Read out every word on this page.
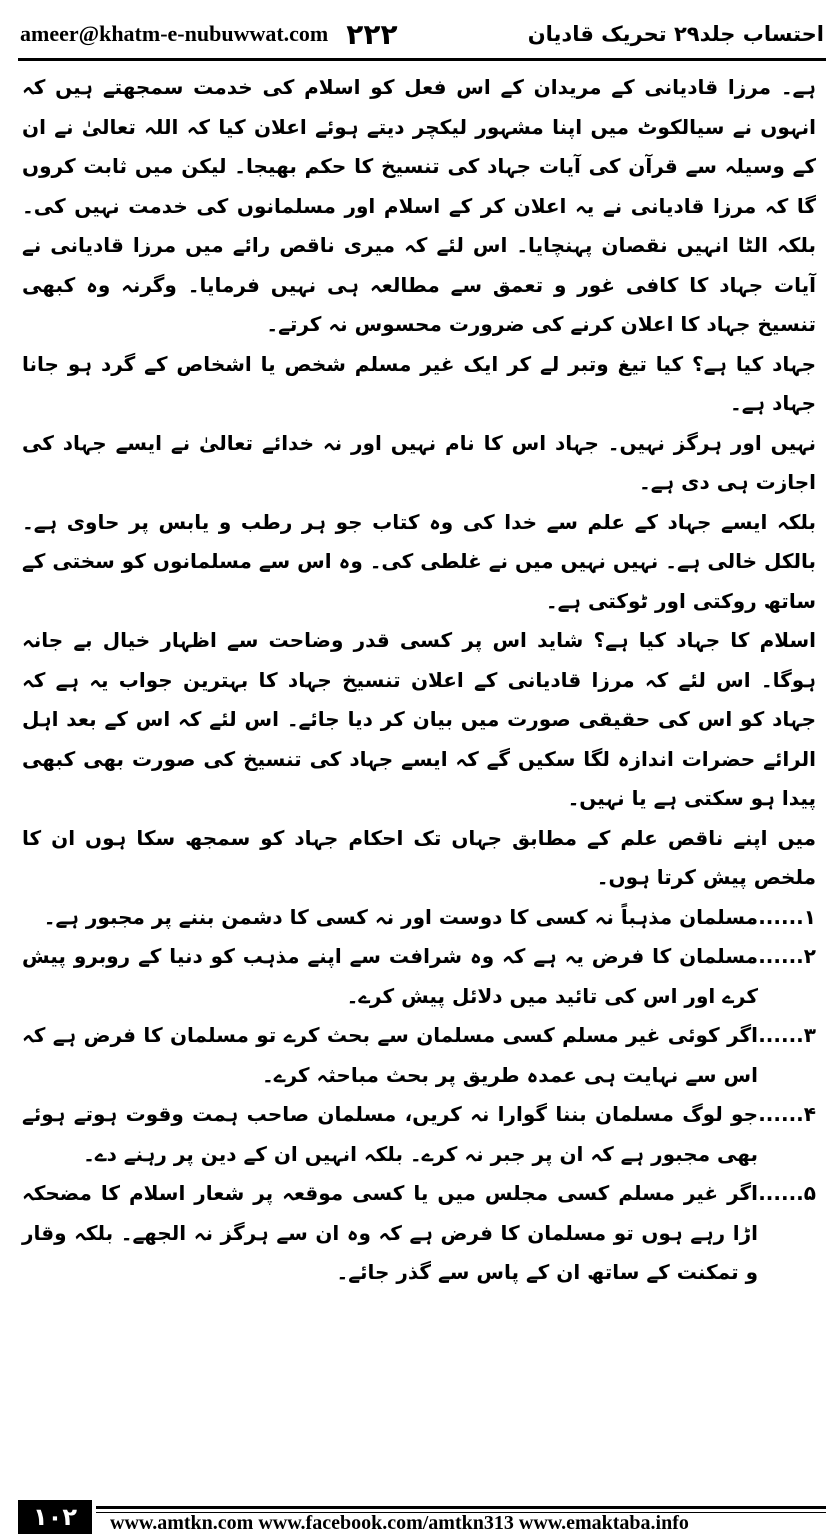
ameer@khatm-e-nubuwwat.com ۲۲۲	احتساب جلد۲۹ تحریک قادیان

ہے۔ مرزا قادیانی کے مریدان کے اس فعل کو اسلام کی خدمت سمجھتے ہیں کہ انہوں نے سیالکوٹ میں اپنا مشہور لیکچر دیتے ہوئے اعلان کیا کہ اللہ تعالیٰ نے ان کے وسیلہ سے قرآن کی آیات جہاد کی تنسیخ کا حکم بھیجا۔ لیکن میں ثابت کروں گا کہ مرزا قادیانی نے یہ اعلان کر کے اسلام اور مسلمانوں کی خدمت نہیں کی۔ بلکہ الٹا انہیں نقصان پہنچایا۔ اس لئے کہ میری ناقص رائے میں مرزا قادیانی نے آیات جہاد کا کافی غور و تعمق سے مطالعہ ہی نہیں فرمایا۔ وگرنہ وہ کبھی تنسیخ جہاد کا اعلان کرنے کی ضرورت محسوس نہ کرتے۔

جہاد کیا ہے؟ کیا تیغ وتبر لے کر ایک غیر مسلم شخص یا اشخاص کے گرد ہو جانا جہاد ہے۔

نہیں اور ہرگز نہیں۔ جہاد اس کا نام نہیں اور نہ خدائے تعالیٰ نے ایسے جہاد کی اجازت ہی دی ہے۔

بلکہ ایسے جہاد کے علم سے خدا کی وہ کتاب جو ہر رطب و یابس پر حاوی ہے۔ بالکل خالی ہے۔ نہیں نہیں میں نے غلطی کی۔ وہ اس سے مسلمانوں کو سختی کے ساتھ روکتی اور ٹوکتی ہے۔

اسلام کا جہاد کیا ہے؟ شاید اس پر کسی قدر وضاحت سے اظہار خیال بے جانہ ہوگا۔ اس لئے کہ مرزا قادیانی کے اعلان تنسیخ جہاد کا بہترین جواب یہ ہے کہ جہاد کو اس کی حقیقی صورت میں بیان کر دیا جائے۔ اس لئے کہ اس کے بعد اہل الرائے حضرات اندازہ لگا سکیں گے کہ ایسے جہاد کی تنسیخ کی صورت بھی کبھی پیدا ہو سکتی ہے یا نہیں۔

میں اپنے ناقص علم کے مطابق جہاں تک احکام جہاد کو سمجھ سکا ہوں ان کا ملخص پیش کرتا ہوں۔

۱......
مسلمان مذہباً نہ کسی کا دوست اور نہ کسی کا دشمن بننے پر مجبور ہے۔
۲......
مسلمان کا فرض یہ ہے کہ وہ شرافت سے اپنے مذہب کو دنیا کے روبرو پیش کرے اور اس کی تائید میں دلائل پیش کرے۔
۳......
اگر کوئی غیر مسلم کسی مسلمان سے بحث کرے تو مسلمان کا فرض ہے کہ اس سے نہایت ہی عمدہ طریق پر بحث مباحثہ کرے۔
۴......
جو لوگ مسلمان بننا گوارا نہ کریں، مسلمان صاحب ہمت وقوت ہوتے ہوئے بھی مجبور ہے کہ ان پر جبر نہ کرے۔ بلکہ انہیں ان کے دین پر رہنے دے۔
۵......
اگر غیر مسلم کسی مجلس میں یا کسی موقعہ پر شعار اسلام کا مضحکہ اڑا رہے ہوں تو مسلمان کا فرض ہے کہ وہ ان سے ہرگز نہ الجھے۔ بلکہ وقار و تمکنت کے ساتھ ان کے پاس سے گذر جائے۔
۱۰۲	www.amtkn.com www.facebook.com/amtkn313 www.emaktaba.info
